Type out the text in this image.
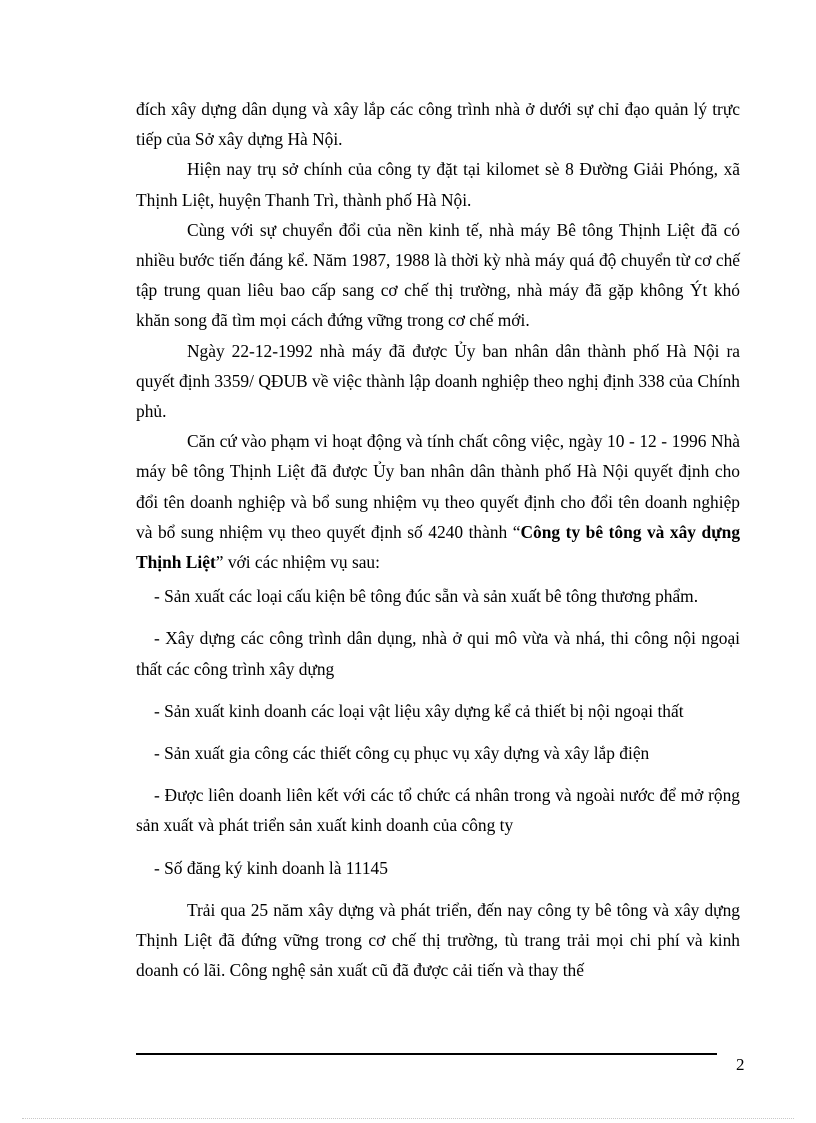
đích xây dựng dân dụng và xây lắp các công trình nhà ở dưới sự chỉ đạo quản lý trực tiếp của Sở xây dựng Hà Nội.

Hiện nay trụ sở chính của công ty đặt tại kilomet sè 8 Đường Giải Phóng, xã Thịnh Liệt, huyện Thanh Trì, thành phố Hà Nội.

Cùng với sự chuyển đổi của nền kinh tế, nhà máy Bê tông Thịnh Liệt đã có nhiều bước tiến đáng kể. Năm 1987, 1988 là thời kỳ nhà máy quá độ chuyển từ cơ chế tập trung quan liêu bao cấp sang cơ chế thị trường, nhà máy đã gặp không Ýt khó khăn song đã tìm mọi cách đứng vững trong cơ chế mới.

Ngày 22-12-1992 nhà máy đã được Ủy ban nhân dân thành phố Hà Nội ra quyết định 3359/ QĐUB về việc thành lập doanh nghiệp theo nghị định 338 của Chính phủ.

Căn cứ vào phạm vi hoạt động và tính chất công việc, ngày 10 - 12 - 1996 Nhà máy bê tông Thịnh Liệt đã được Ủy ban nhân dân thành phố Hà Nội quyết định cho đổi tên doanh nghiệp và bổ sung nhiệm vụ theo quyết định cho đổi tên doanh nghiệp và bổ sung nhiệm vụ theo quyết định số 4240 thành “Công ty bê tông và xây dựng Thịnh Liệt” với các nhiệm vụ sau:

- Sản xuất các loại cấu kiện bê tông đúc sẵn và sản xuất bê tông thương phẩm.

- Xây dựng các công trình dân dụng, nhà ở qui mô vừa và nhá, thi công nội ngoại thất các công trình xây dựng

- Sản xuất kinh doanh các loại vật liệu xây dựng kể cả thiết bị nội ngoại thất

- Sản xuất gia công các thiết công cụ phục vụ xây dựng và xây lắp điện

- Được liên doanh liên kết với các tổ chức cá nhân trong và ngoài nước để mở rộng sản xuất và phát triển sản xuất kinh doanh của công ty

- Số đăng ký kinh doanh là 11145

Trải qua 25 năm xây dựng và phát triển, đến nay công ty bê tông và xây dựng Thịnh Liệt đã đứng vững trong cơ chế thị trường, tù trang trải mọi chi phí và kinh doanh có lãi. Công nghệ sản xuất cũ đã được cải tiến và thay thế

2
